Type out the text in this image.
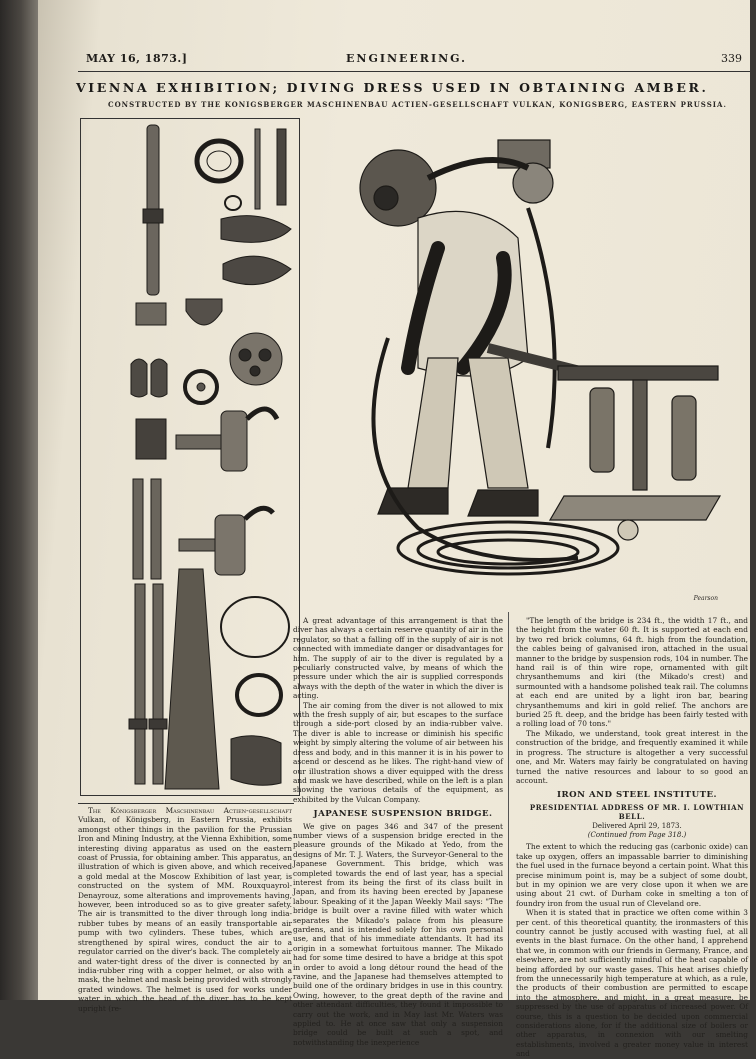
MAY 16, 1873.]	ENGINEERING.	339
VIENNA EXHIBITION; DIVING DRESS USED IN OBTAINING AMBER.
CONSTRUCTED BY THE KONIGSBERGER MASCHINENBAU ACTIEN-GESELLSCHAFT VULKAN, KONIGSBERG, EASTERN PRUSSIA.
Pearson

The Königsberger Maschinenbau Actien-gesellschaft Vulkan, of Königsberg, in Eastern Prussia, exhibits amongst other things in the pavilion for the Prussian Iron and Mining Industry, at the Vienna Exhibition, some interesting diving apparatus as used on the eastern coast of Prussia, for obtaining amber. This apparatus, an illustration of which is given above, and which received a gold medal at the Moscow Exhibition of last year, is constructed on the system of MM. Rouxquayrol-Denayrouz, some alterations and improvements having, however, been introduced so as to give greater safety. The air is transmitted to the diver through long india-rubber tubes by means of an easily transportable air pump with two cylinders. These tubes, which are strengthened by spiral wires, conduct the air to a regulator carried on the diver's back. The completely air and water-tight dress of the diver is connected by an india-rubber ring with a copper helmet, or also with a mask, the helmet and mask being provided with strongly grated windows. The helmet is used for works under water in which the head of the diver has to be kept upright (re-

A great advantage of this arrangement is that the diver has always a certain reserve quantity of air in the regulator, so that a falling off in the supply of air is not connected with immediate danger or disadvantages for him. The supply of air to the diver is regulated by a peculiarly constructed valve, by means of which the pressure under which the air is supplied corresponds always with the depth of the water in which the diver is acting.

The air coming from the diver is not allowed to mix with the fresh supply of air, but escapes to the surface through a side-port closed by an india-rubber valve. The diver is able to increase or diminish his specific weight by simply altering the volume of air between his dress and body, and in this manner it is in his power to ascend or descend as he likes. The right-hand view of our illustration shows a diver equipped with the dress and mask we have described, while on the left is a plan showing the various details of the equipment, as exhibited by the Vulcan Company.

JAPANESE SUSPENSION BRIDGE.

We give on pages 346 and 347 of the present number views of a suspension bridge erected in the pleasure grounds of the Mikado at Yedo, from the designs of Mr. T. J. Waters, the Surveyor-General to the Japanese Government. This bridge, which was completed towards the end of last year, has a special interest from its being the first of its class built in Japan, and from its having been erected by Japanese labour. Speaking of it the Japan Weekly Mail says: "The bridge is built over a ravine filled with water which separates the Mikado's palace from his pleasure gardens, and is intended solely for his own personal use, and that of his immediate attendants. It had its origin in a somewhat fortuitous manner. The Mikado had for some time desired to have a bridge at this spot in order to avoid a long détour round the head of the ravine, and the Japanese had themselves attempted to build one of the ordinary bridges in use in this country. Owing, however, to the great depth of the ravine and other attendant difficulties, they found it impossible to carry out the work, and in May last Mr. Waters was applied to. He at once saw that only a suspension bridge could be built at such a spot, and notwithstanding the inexperience

"The length of the bridge is 234 ft., the width 17 ft., and the height from the water 60 ft. It is supported at each end by two red brick columns, 64 ft. high from the foundation, the cables being of galvanised iron, attached in the usual manner to the bridge by suspension rods, 104 in number. The hand rail is of thin wire rope, ornamented with gilt chrysanthemums and kiri (the Mikado's crest) and surmounted with a handsome polished teak rail. The columns at each end are united by a light iron bar, bearing chrysanthemums and kiri in gold relief. The anchors are buried 25 ft. deep, and the bridge has been fairly tested with a rolling load of 70 tons."

The Mikado, we understand, took great interest in the construction of the bridge, and frequently examined it while in progress. The structure is altogether a very successful one, and Mr. Waters may fairly be congratulated on having turned the native resources and labour to so good an account.

IRON AND STEEL INSTITUTE.

PRESIDENTIAL ADDRESS OF MR. I. LOWTHIAN BELL.

Delivered April 29, 1873.

(Continued from Page 318.)

The extent to which the reducing gas (carbonic oxide) can take up oxygen, offers an impassable barrier to diminishing the fuel used in the furnace beyond a certain point. What this precise minimum point is, may be a subject of some doubt, but in my opinion we are very close upon it when we are using about 21 cwt. of Durham coke in smelting a ton of foundry iron from the usual run of Cleveland ore.

When it is stated that in practice we often come within 3 per cent. of this theoretical quantity, the ironmasters of this country cannot be justly accused with wasting fuel, at all events in the blast furnace. On the other hand, I apprehend that we, in common with our friends in Germany, France, and elsewhere, are not sufficiently mindful of the heat capable of being afforded by our waste gases. This heat arises chiefly from the unnecessarily high temperature at which, as a rule, the products of their combustion are permitted to escape into the atmosphere, and might, in a great measure, be suppressed by the use of apparatus of increased power. Of course, this is a question to be decided upon commercial considerations alone, for if the additional size of boilers or other apparatus, in connexion with our smelting establishments, involved a greater money value in interest and
